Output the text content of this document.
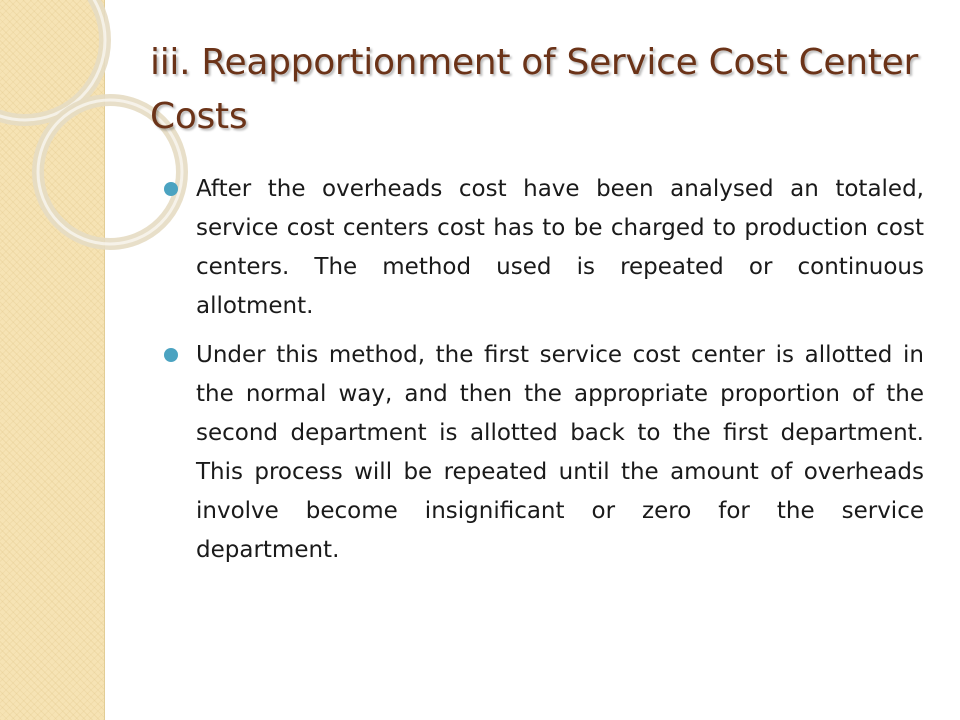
iii. Reapportionment of Service Cost Center Costs
After the overheads cost have been analysed an totaled, service cost centers cost has to be charged to production cost centers. The method used is repeated or continuous allotment.
Under this method, the first service cost center is allotted in the normal way, and then the appropriate proportion of the second department is allotted back to the first department. This process will be repeated until the amount of overheads involve become insignificant or zero for the service department.
